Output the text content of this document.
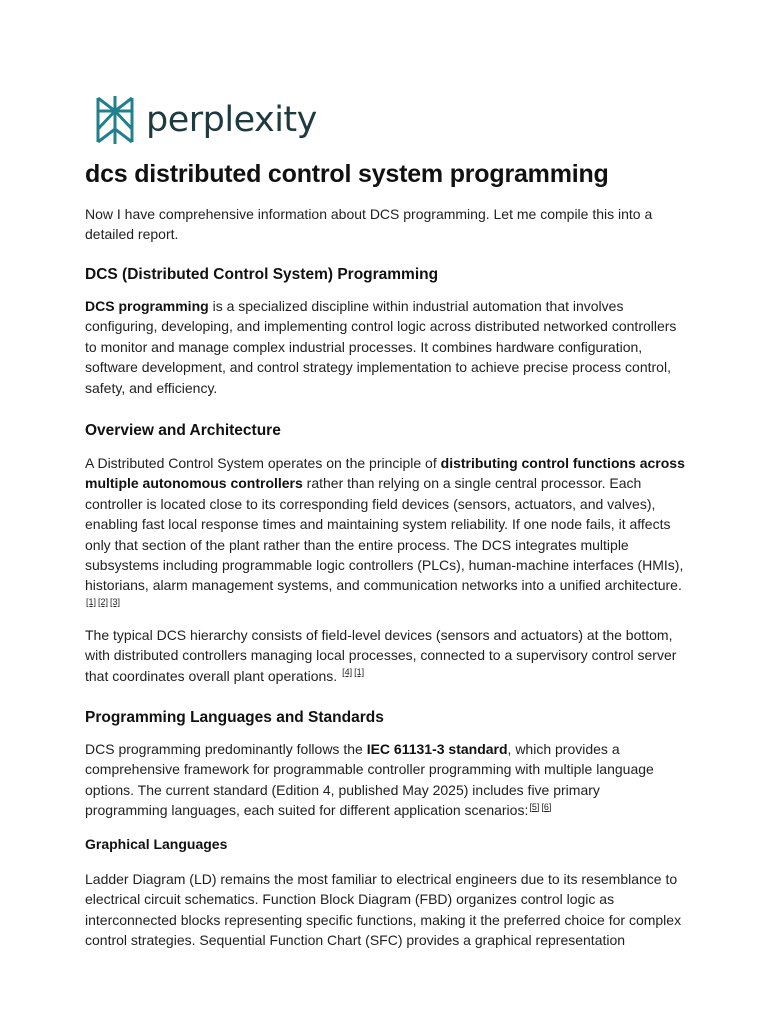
perplexity
dcs distributed control system programming

Now I have comprehensive information about DCS programming. Let me compile this into a detailed report.

DCS (Distributed Control System) Programming

DCS programming is a specialized discipline within industrial automation that involves configuring, developing, and implementing control logic across distributed networked controllers to monitor and manage complex industrial processes. It combines hardware configuration, software development, and control strategy implementation to achieve precise process control, safety, and efficiency.

Overview and Architecture

A Distributed Control System operates on the principle of distributing control functions across multiple autonomous controllers rather than relying on a single central processor. Each controller is located close to its corresponding field devices (sensors, actuators, and valves), enabling fast local response times and maintaining system reliability. If one node fails, it affects only that section of the plant rather than the entire process. The DCS integrates multiple subsystems including programmable logic controllers (PLCs), human-machine interfaces (HMIs), historians, alarm management systems, and communication networks into a unified architecture.
[1] [2] [3]

The typical DCS hierarchy consists of field-level devices (sensors and actuators) at the bottom, with distributed controllers managing local processes, connected to a supervisory control server that coordinates overall plant operations. [4] [1]

Programming Languages and Standards

DCS programming predominantly follows the IEC 61131-3 standard, which provides a comprehensive framework for programmable controller programming with multiple language options. The current standard (Edition 4, published May 2025) includes five primary programming languages, each suited for different application scenarios:[5] [6]

Graphical Languages

Ladder Diagram (LD) remains the most familiar to electrical engineers due to its resemblance to electrical circuit schematics. Function Block Diagram (FBD) organizes control logic as interconnected blocks representing specific functions, making it the preferred choice for complex control strategies. Sequential Function Chart (SFC) provides a graphical representation
